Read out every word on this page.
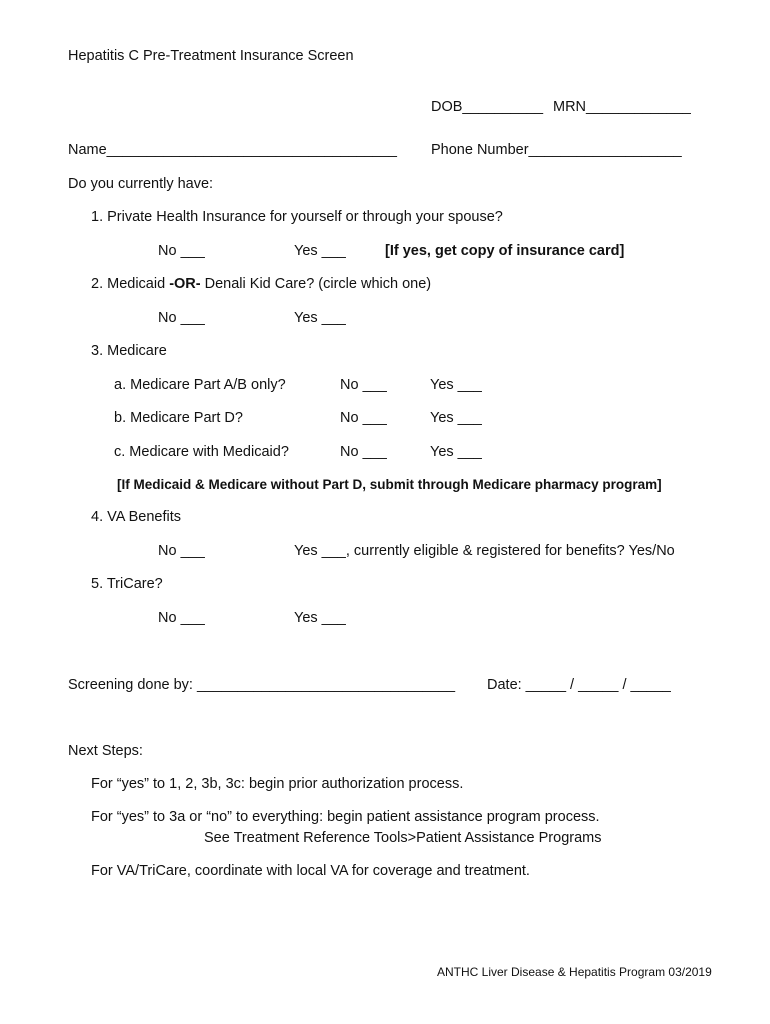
Hepatitis C Pre-Treatment Insurance Screen
DOB__________ MRN_____________
Name____________________________________ Phone Number___________________
Do you currently have:
1. Private Health Insurance for yourself or through your spouse?
No ___	Yes ___	[If yes, get copy of insurance card]
2. Medicaid -OR- Denali Kid Care? (circle which one)
No ___	Yes ___
3. Medicare
a. Medicare Part A/B only?	No ___	Yes ___
b. Medicare Part D?	No ___	Yes ___
c. Medicare with Medicaid?	No ___	Yes ___
[If Medicaid & Medicare without Part D, submit through Medicare pharmacy program]
4. VA Benefits
No ___	Yes ___, currently eligible & registered for benefits? Yes/No
5. TriCare?
No ___	Yes ___
Screening done by: ________________________________ Date: _____ / _____ / _____
Next Steps:
For “yes” to 1, 2, 3b, 3c: begin prior authorization process.
For “yes” to 3a or “no” to everything: begin patient assistance program process.
See Treatment Reference Tools>Patient Assistance Programs
For VA/TriCare, coordinate with local VA for coverage and treatment.
ANTHC Liver Disease & Hepatitis Program 03/2019
